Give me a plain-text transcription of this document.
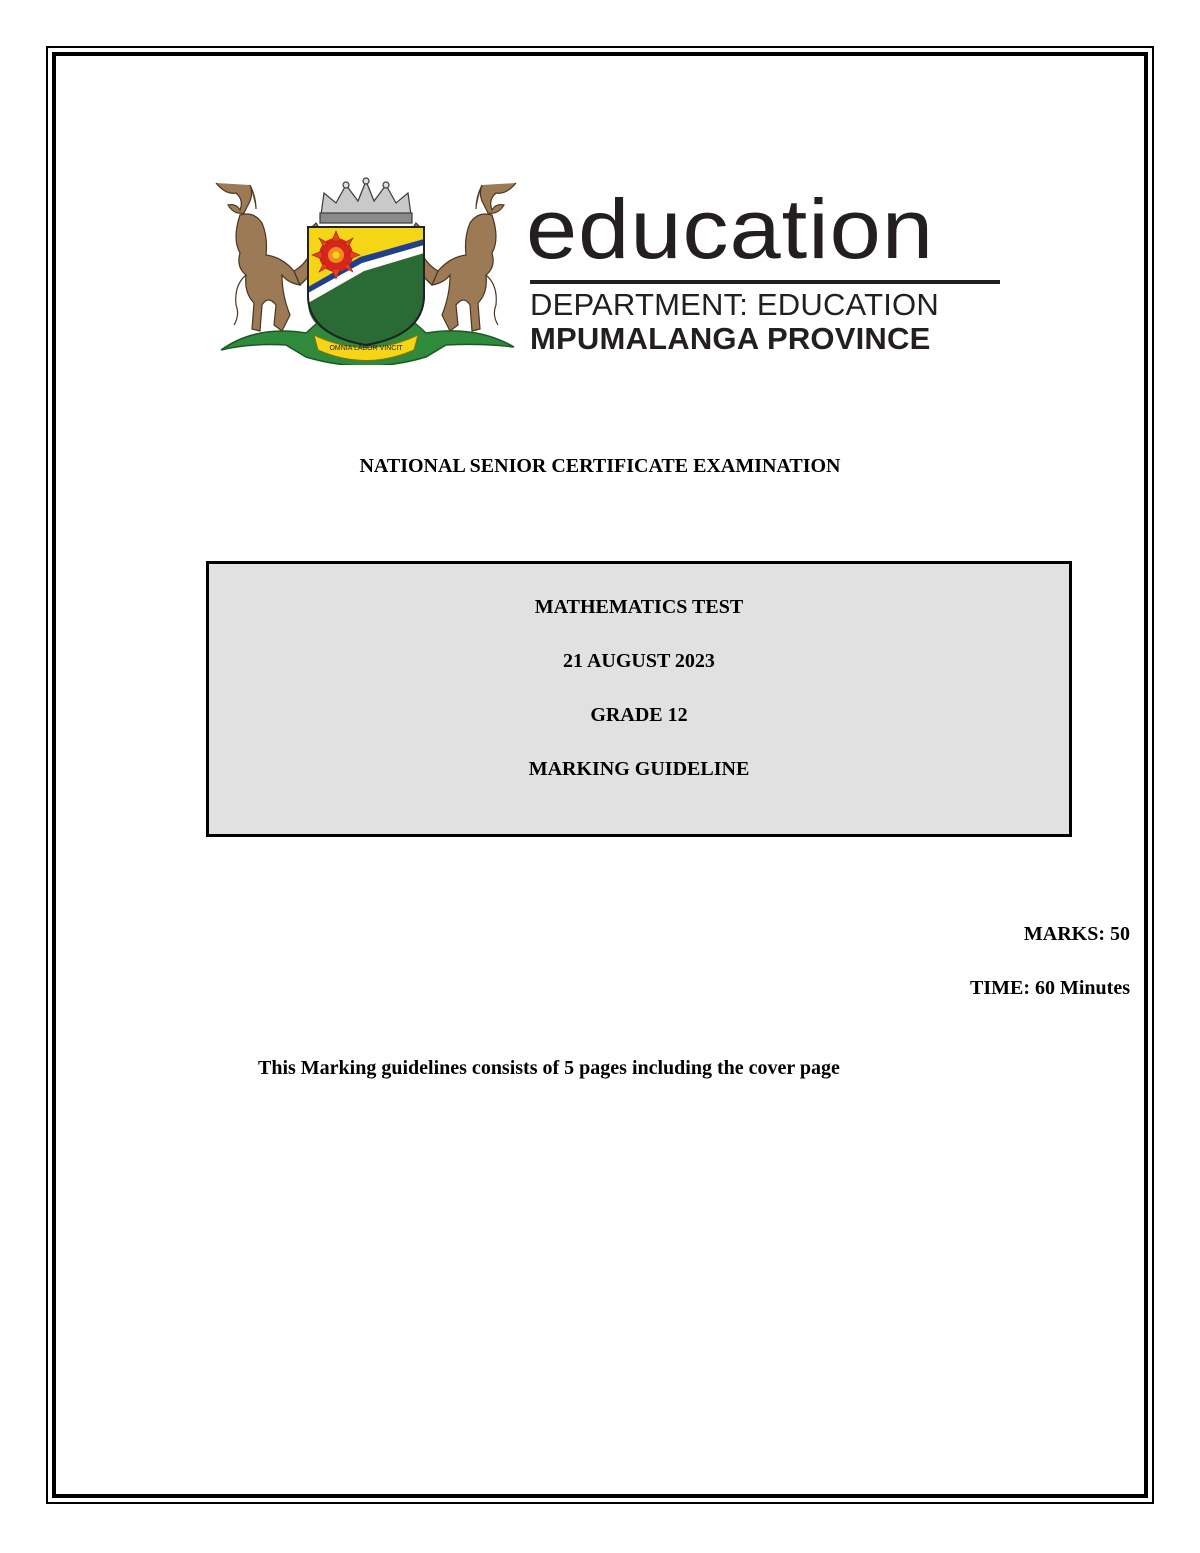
OMNIA LABOR VINCIT
education
DEPARTMENT: EDUCATION
MPUMALANGA PROVINCE
NATIONAL SENIOR CERTIFICATE EXAMINATION
MATHEMATICS TEST
21 AUGUST 2023
GRADE 12
MARKING GUIDELINE
MARKS: 50
TIME: 60 Minutes
This Marking guidelines consists of 5 pages including the cover page
